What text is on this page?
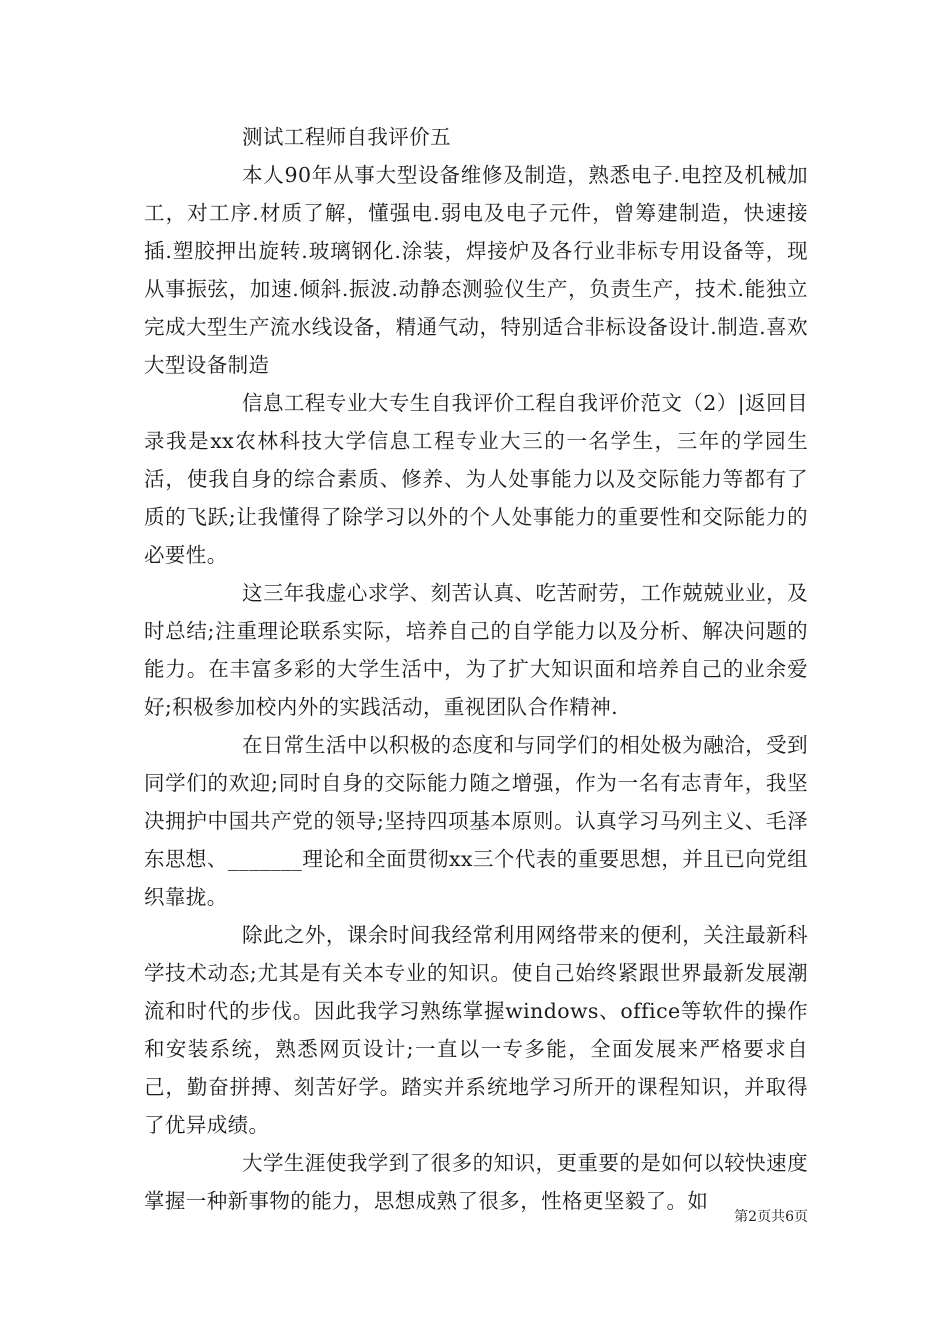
测试工程师自我评价五

本人90年从事大型设备维修及制造，熟悉电子.电控及机械加工，对工序.材质了解，懂强电.弱电及电子元件，曾筹建制造，快速接插.塑胶押出旋转.玻璃钢化.涂装，焊接炉及各行业非标专用设备等，现从事振弦，加速.倾斜.振波.动静态测验仪生产，负责生产，技术.能独立完成大型生产流水线设备，精通气动，特别适合非标设备设计.制造.喜欢大型设备制造

信息工程专业大专生自我评价工程自我评价范文（2）|返回目录我是xx农林科技大学信息工程专业大三的一名学生，三年的学园生活，使我自身的综合素质、修养、为人处事能力以及交际能力等都有了质的飞跃;让我懂得了除学习以外的个人处事能力的重要性和交际能力的必要性。

这三年我虚心求学、刻苦认真、吃苦耐劳，工作兢兢业业，及时总结;注重理论联系实际，培养自己的自学能力以及分析、解决问题的能力。在丰富多彩的大学生活中，为了扩大知识面和培养自己的业余爱好;积极参加校内外的实践活动，重视团队合作精神.

在日常生活中以积极的态度和与同学们的相处极为融洽，受到同学们的欢迎;同时自身的交际能力随之增强，作为一名有志青年，我坚决拥护中国共产党的领导;坚持四项基本原则。认真学习马列主义、毛泽东思想、_______理论和全面贯彻xx三个代表的重要思想，并且已向党组织靠拢。

除此之外，课余时间我经常利用网络带来的便利，关注最新科学技术动态;尤其是有关本专业的知识。使自己始终紧跟世界最新发展潮流和时代的步伐。因此我学习熟练掌握windows、office等软件的操作和安装系统，熟悉网页设计;一直以一专多能，全面发展来严格要求自己，勤奋拼搏、刻苦好学。踏实并系统地学习所开的课程知识，并取得了优异成绩。

大学生涯使我学到了很多的知识，更重要的是如何以较快速度掌握一种新事物的能力，思想成熟了很多，性格更坚毅了。如

第2页共6页
